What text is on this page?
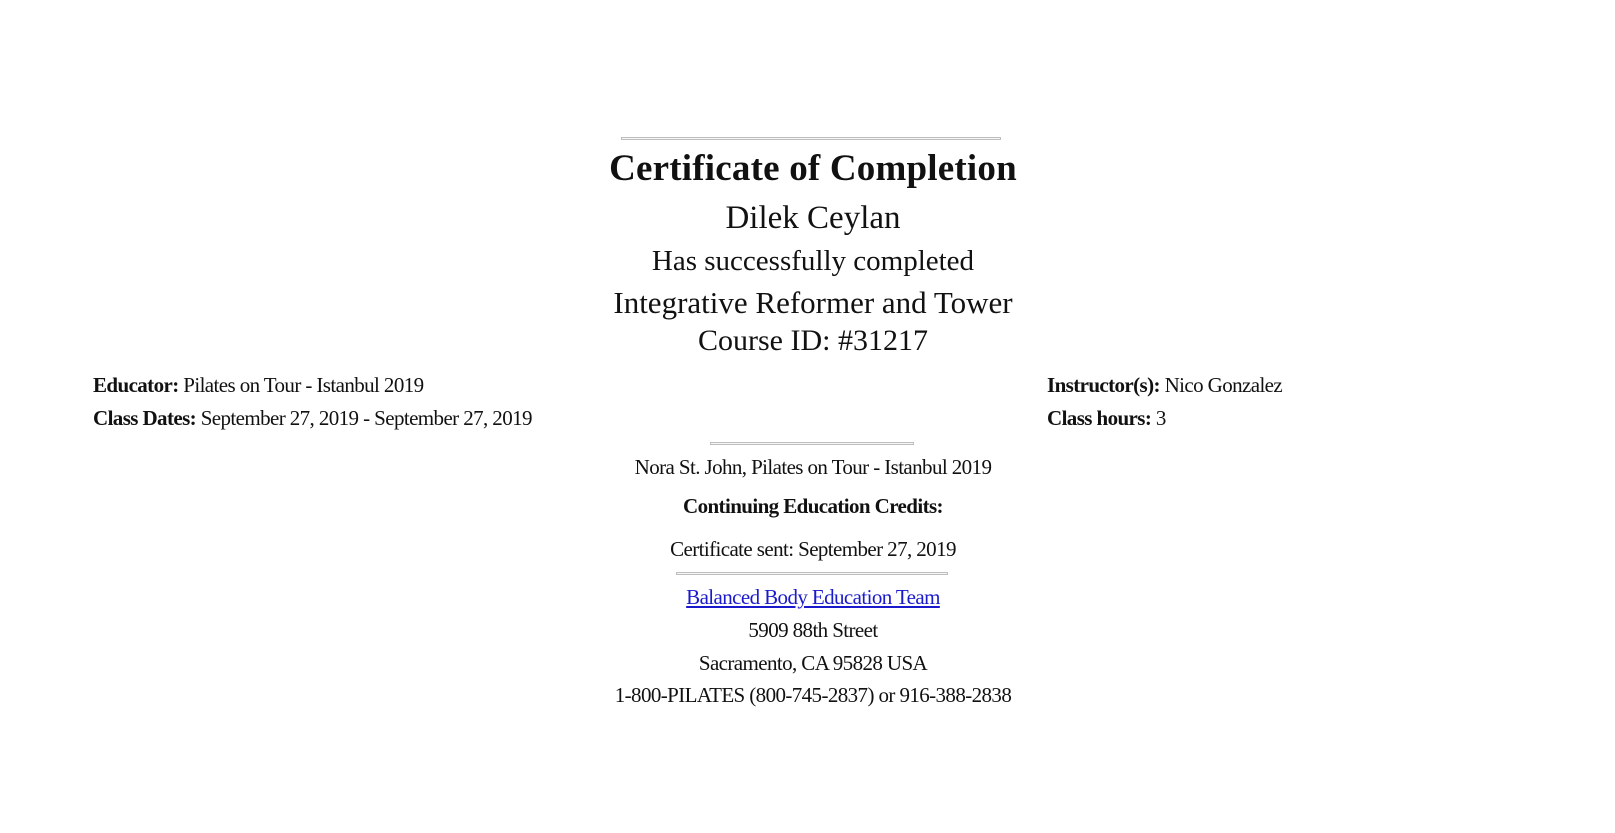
Certificate of Completion
Dilek Ceylan
Has successfully completed
Integrative Reformer and Tower
Course ID: #31217
Educator: Pilates on Tour - Istanbul 2019
Class Dates: September 27, 2019 - September 27, 2019
Instructor(s): Nico Gonzalez
Class hours: 3
Nora St. John, Pilates on Tour - Istanbul 2019
Continuing Education Credits:
Certificate sent: September 27, 2019
Balanced Body Education Team
5909 88th Street
Sacramento, CA 95828 USA
1-800-PILATES (800-745-2837) or 916-388-2838
